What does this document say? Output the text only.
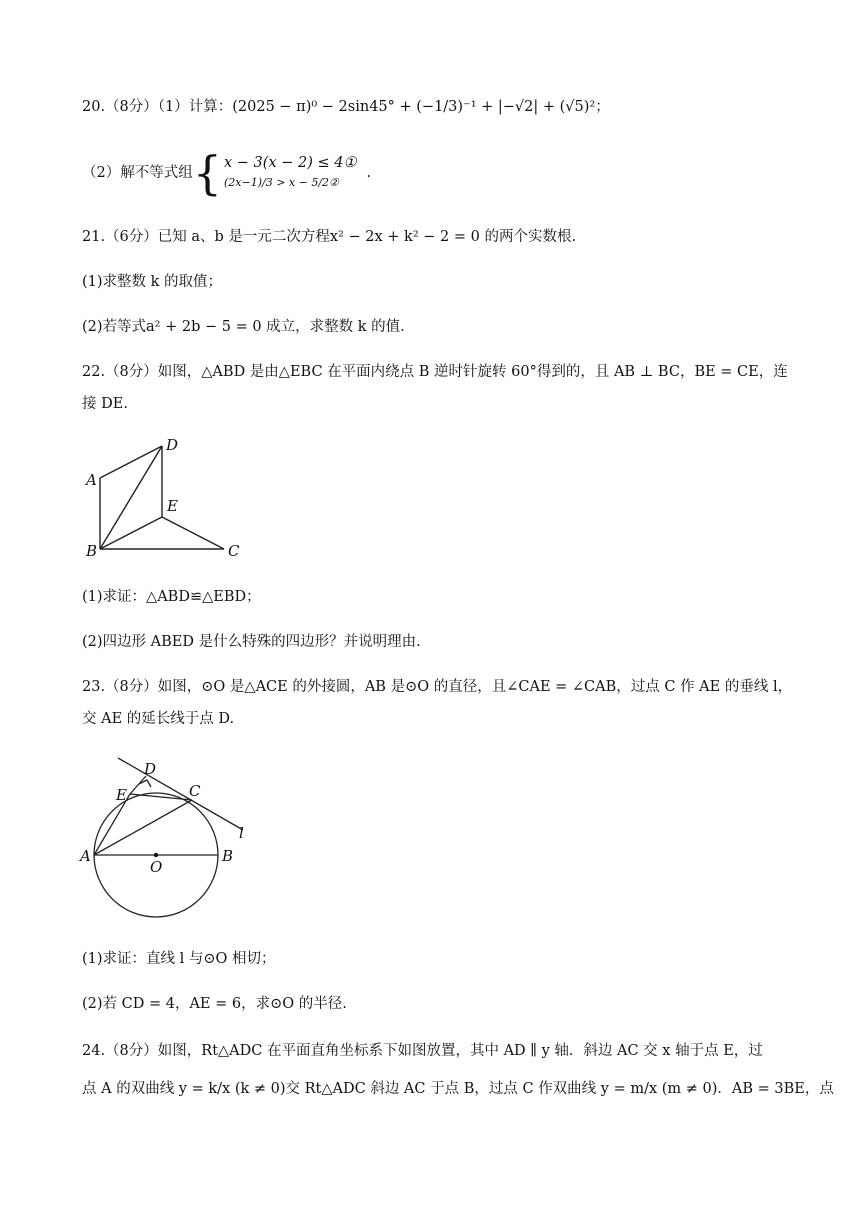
20.（8分）（1）计算：(2025 − π)⁰ − 2sin45° + (−1/3)⁻¹ + |−√2| + (√5)²；
（2）解不等式组{ x − 3(x − 2) ≤ 4①
(2x−1)/3 > x − 5/2②
.
21.（6分）已知 a、b 是一元二次方程x² − 2x + k² − 2 = 0 的两个实数根.
(1)求整数 k 的取值；
(2)若等式a² + 2b − 5 = 0 成立，求整数 k 的值.
22.（8分）如图，△ABD 是由△EBC 在平面内绕点 B 逆时针旋转 60°得到的，且 AB ⊥ BC，BE = CE，连
接 DE.
A
D
E
B	C
(1)求证：△ABD≌△EBD；
(2)四边形 ABED 是什么特殊的四边形？并说明理由.
23.（8分）如图，⊙O 是△ACE 的外接圆，AB 是⊙O 的直径，且∠CAE = ∠CAB，过点 C 作 AE 的垂线 l，
交 AE 的延长线于点 D.
D
E	C
l
A	B
O
(1)求证：直线 l 与⊙O 相切；
(2)若 CD = 4，AE = 6，求⊙O 的半径.
24.（8分）如图，Rt△ADC 在平面直角坐标系下如图放置，其中 AD ∥ y 轴．斜边 AC 交 x 轴于点 E，过
点 A 的双曲线 y = k/x (k ≠ 0)交 Rt△ADC 斜边 AC 于点 B，过点 C 作双曲线 y = m/x (m ≠ 0)．AB = 3BE，点
